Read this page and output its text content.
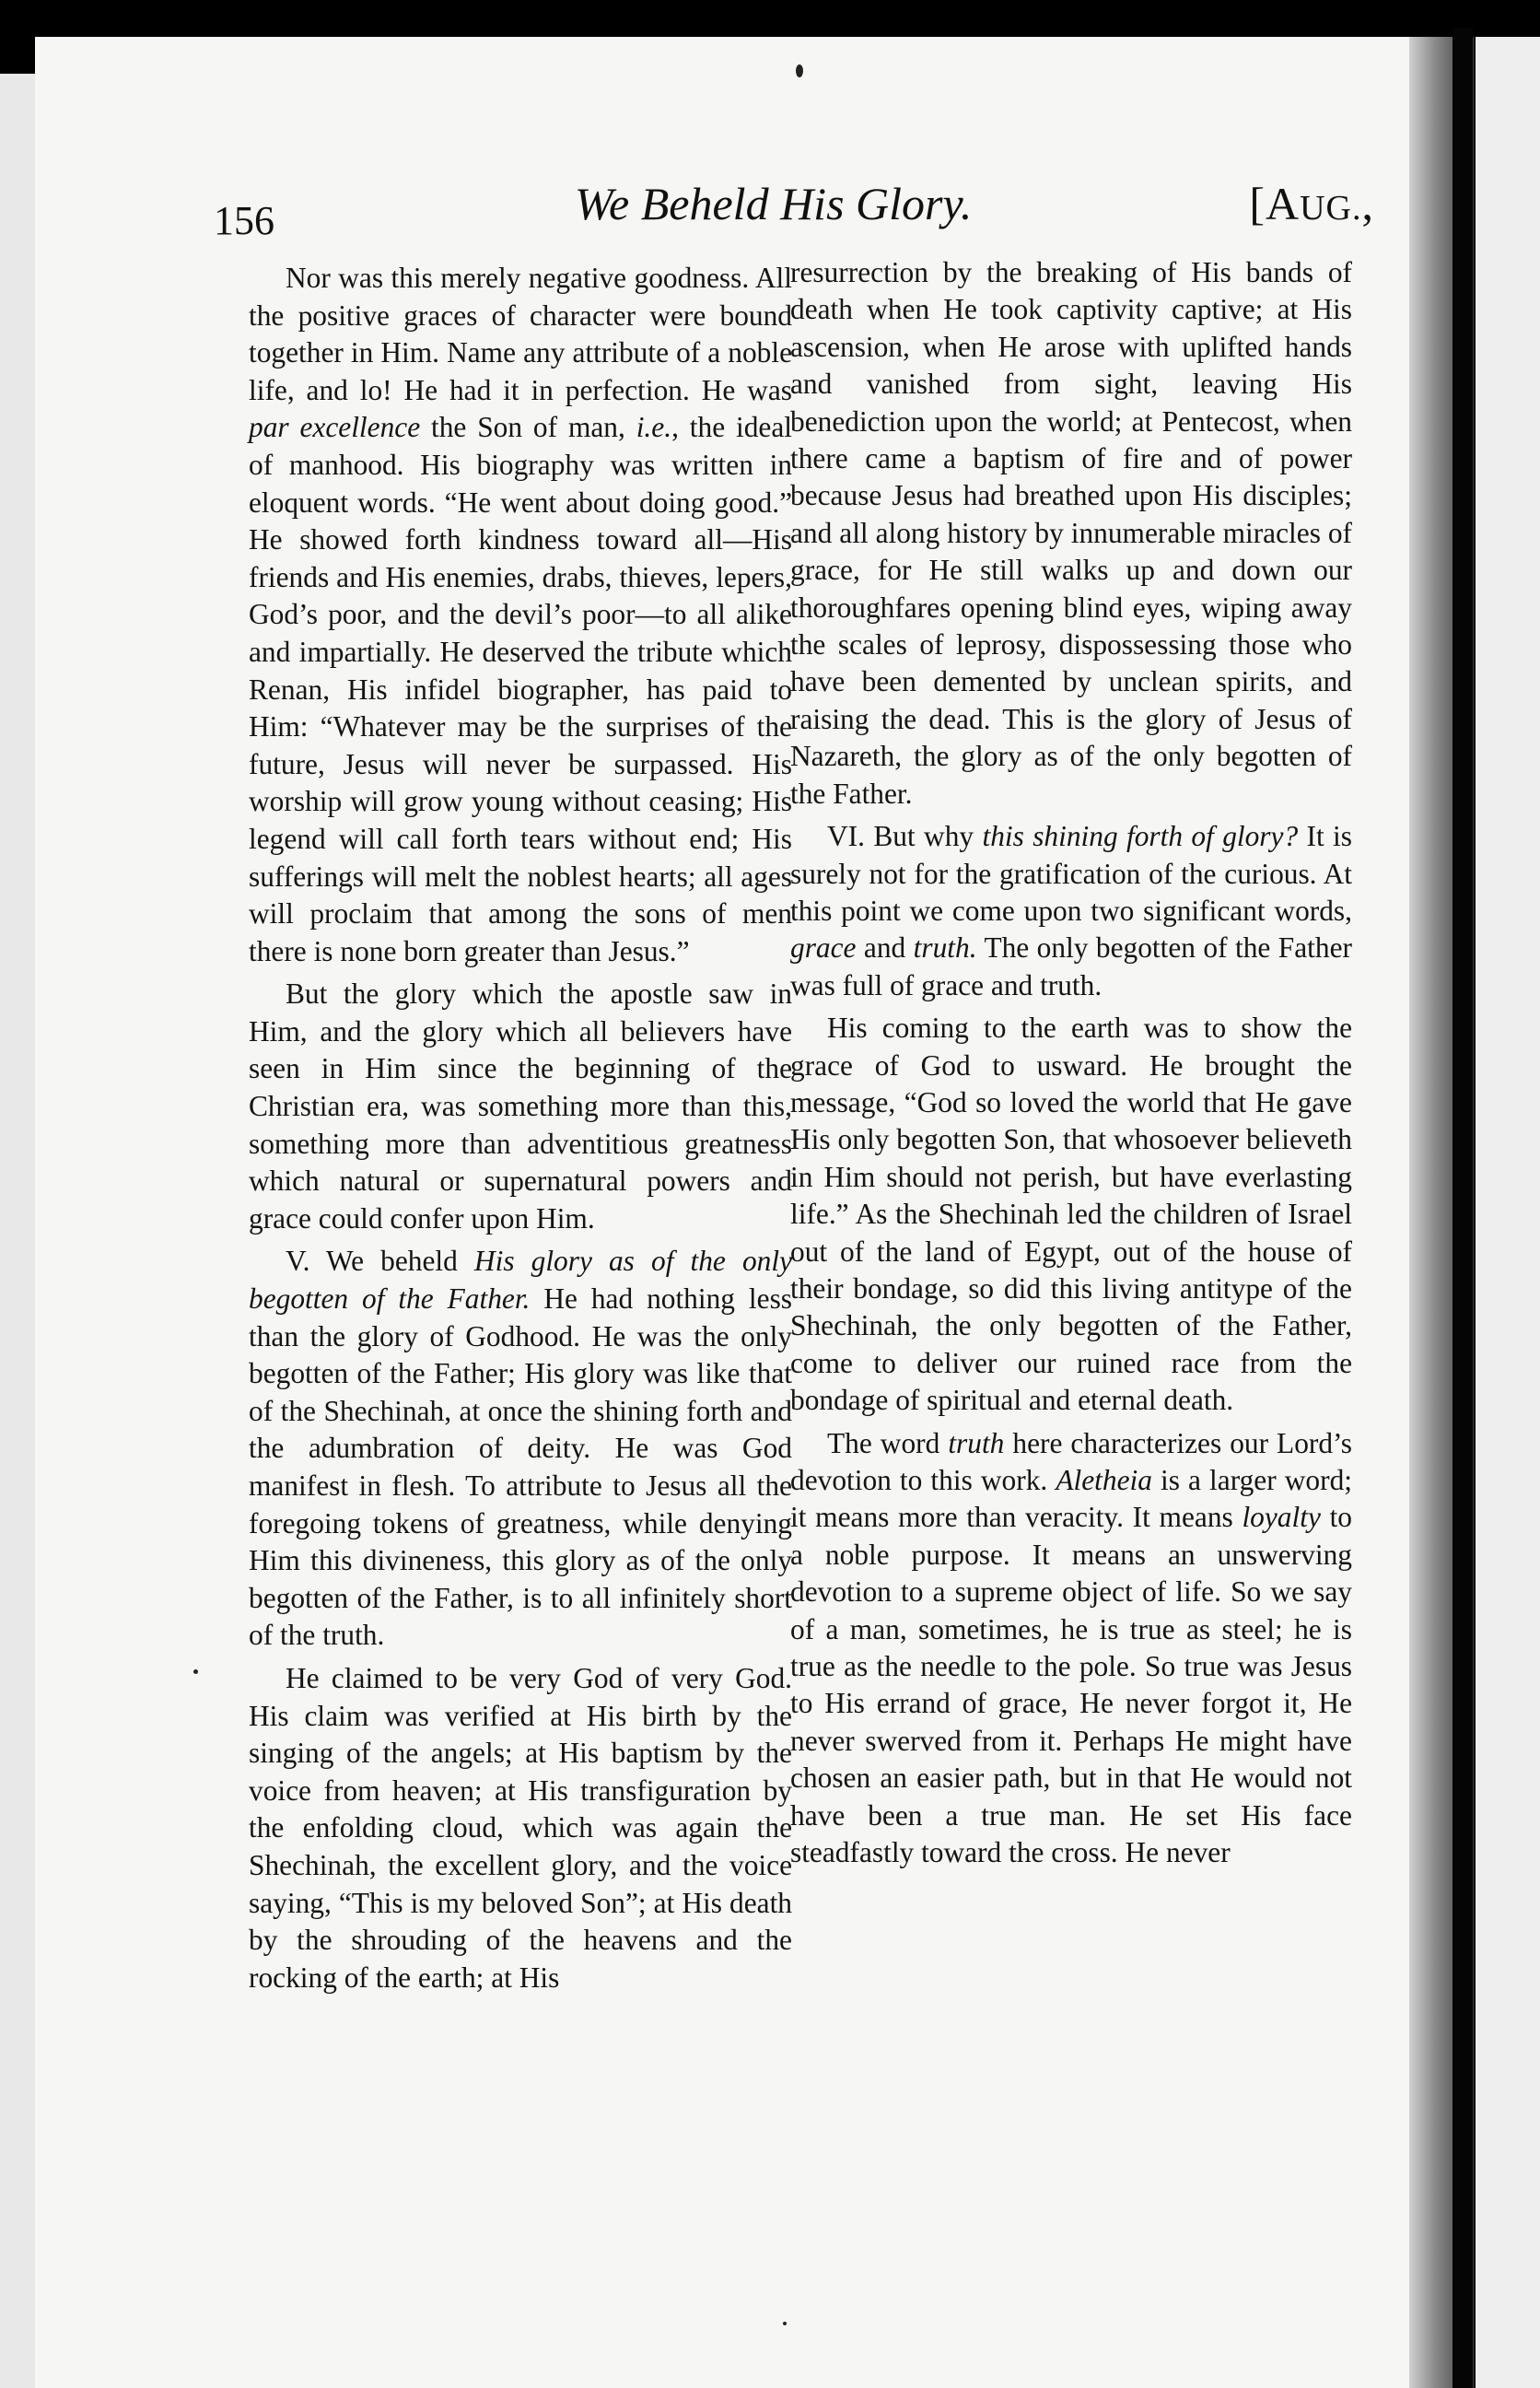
156	We Beheld His Glory.	[AUG.,

Nor was this merely negative goodness. All the positive graces of character were bound together in Him. Name any attribute of a noble life, and lo! He had it in perfection. He was par excellence the Son of man, i.e., the ideal of manhood. His biography was written in eloquent words. “He went about doing good.” He showed forth kindness toward all—His friends and His enemies, drabs, thieves, lepers, God’s poor, and the devil’s poor—to all alike and impartially. He deserved the tribute which Renan, His infidel biographer, has paid to Him: “Whatever may be the surprises of the future, Jesus will never be surpassed. His worship will grow young without ceasing; His legend will call forth tears without end; His sufferings will melt the noblest hearts; all ages will proclaim that among the sons of men there is none born greater than Jesus.”

But the glory which the apostle saw in Him, and the glory which all believers have seen in Him since the beginning of the Christian era, was something more than this, something more than adventitious greatness which natural or supernatural powers and grace could confer upon Him.

V. We beheld His glory as of the only begotten of the Father. He had nothing less than the glory of Godhood. He was the only begotten of the Father; His glory was like that of the Shechinah, at once the shining forth and the adumbration of deity. He was God manifest in flesh. To attribute to Jesus all the foregoing tokens of greatness, while denying Him this divineness, this glory as of the only begotten of the Father, is to all infinitely short of the truth.

He claimed to be very God of very God. His claim was verified at His birth by the singing of the angels; at His baptism by the voice from heaven; at His transfiguration by the enfolding cloud, which was again the Shechinah, the excellent glory, and the voice saying, “This is my beloved Son”; at His death by the shrouding of the heavens and the rocking of the earth; at His

resurrection by the breaking of His bands of death when He took captivity captive; at His ascension, when He arose with uplifted hands and vanished from sight, leaving His benediction upon the world; at Pentecost, when there came a baptism of fire and of power because Jesus had breathed upon His disciples; and all along history by innumerable miracles of grace, for He still walks up and down our thoroughfares opening blind eyes, wiping away the scales of leprosy, dispossessing those who have been demented by unclean spirits, and raising the dead. This is the glory of Jesus of Nazareth, the glory as of the only begotten of the Father.

VI. But why this shining forth of glory? It is surely not for the gratification of the curious. At this point we come upon two significant words, grace and truth. The only begotten of the Father was full of grace and truth.

His coming to the earth was to show the grace of God to usward. He brought the message, “God so loved the world that He gave His only begotten Son, that whosoever believeth in Him should not perish, but have everlasting life.” As the Shechinah led the children of Israel out of the land of Egypt, out of the house of their bondage, so did this living antitype of the Shechinah, the only begotten of the Father, come to deliver our ruined race from the bondage of spiritual and eternal death.

The word truth here characterizes our Lord’s devotion to this work. Aletheia is a larger word; it means more than veracity. It means loyalty to a noble purpose. It means an unswerving devotion to a supreme object of life. So we say of a man, sometimes, he is true as steel; he is true as the needle to the pole. So true was Jesus to His errand of grace, He never forgot it, He never swerved from it. Perhaps He might have chosen an easier path, but in that He would not have been a true man. He set His face steadfastly toward the cross. He never
